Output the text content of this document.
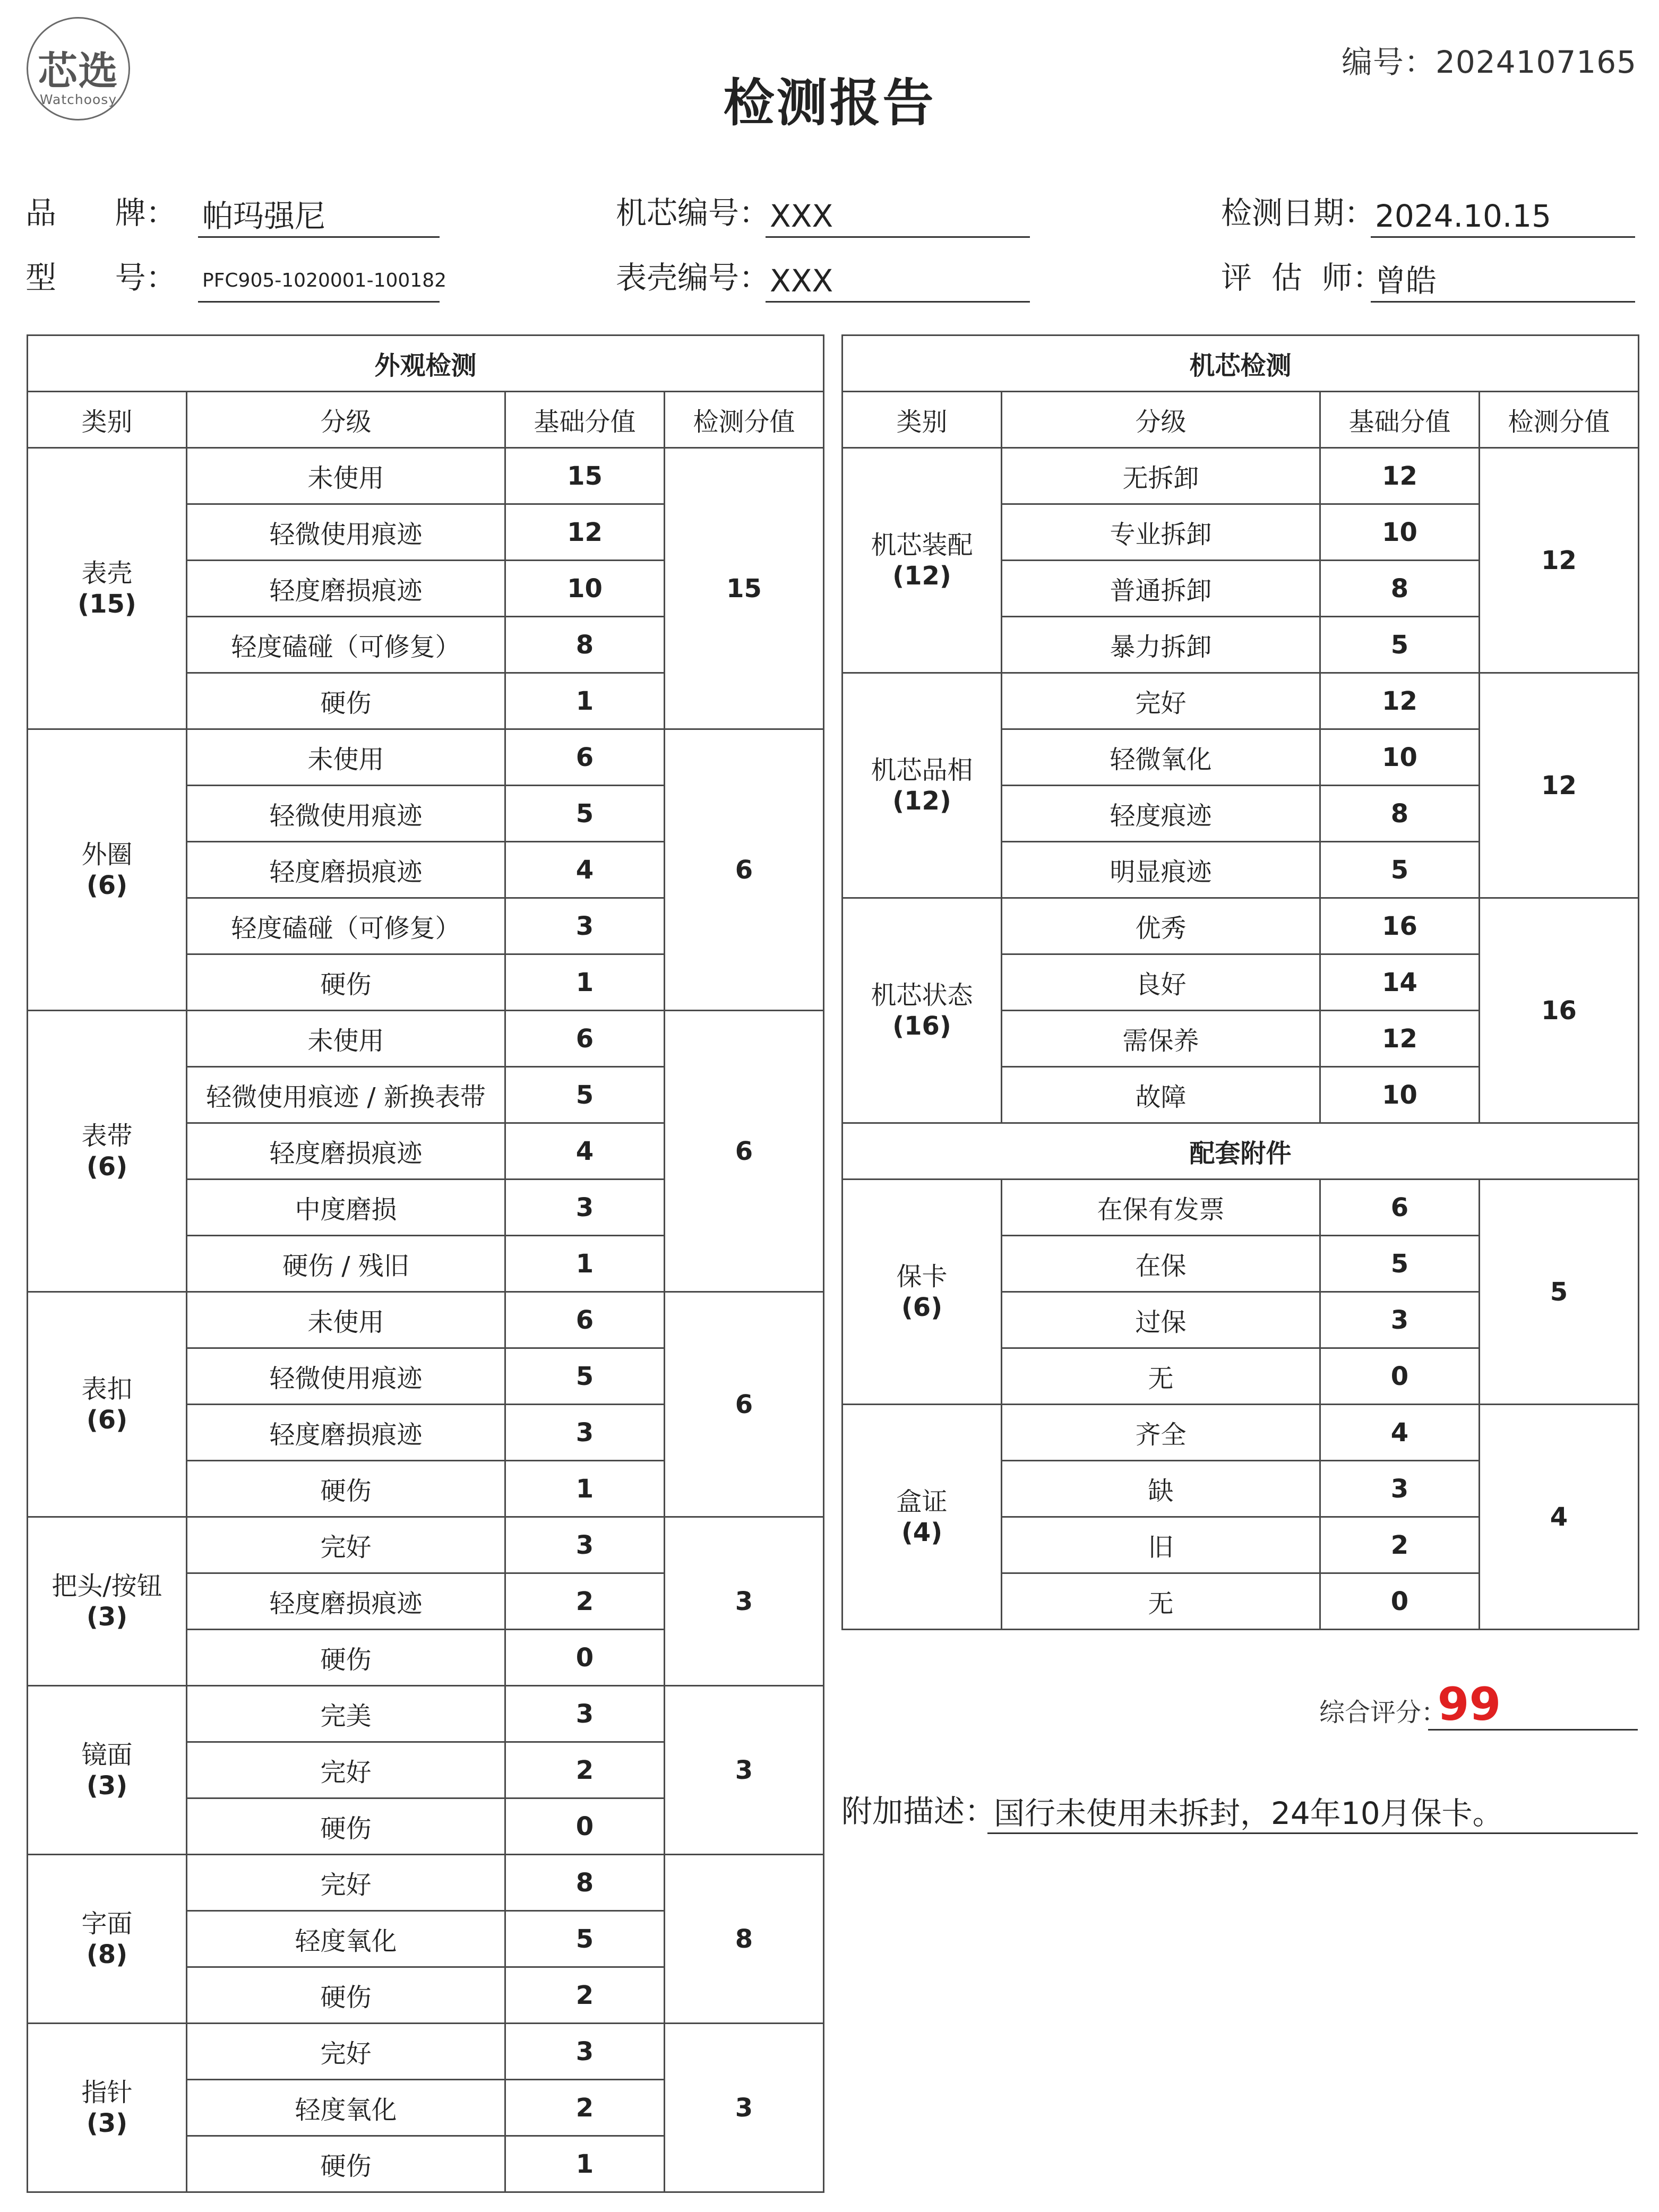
芯选
Watchoosy	检测报告
编号：2024107165
品      牌： 帕玛强尼	机芯编号： XXX	检测日期： 2024.10.15
型      号： PFC905-1020001-100182	表壳编号： XXX	评  估  师：
曾皓
外观检测			
类别	分级	基础分值	检测分值

表壳
(15)	未使用	15	15
	轻微使用痕迹	12	
	轻度磨损痕迹	10	
	轻度磕碰（可修复）	8	
	硬伤	1	

外圈
(6)	未使用	6	6
	轻微使用痕迹	5	
	轻度磨损痕迹	4	
	轻度磕碰（可修复）	3	
	硬伤	1	

表带
(6)	未使用	6	6
	轻微使用痕迹 / 新换表带	5	
	轻度磨损痕迹	4	
	中度磨损	3	
	硬伤 / 残旧	1	

表扣
(6)	未使用	6	6
	轻微使用痕迹	5	
	轻度磨损痕迹	3	
	硬伤	1	

把头/按钮
(3)	完好	3	3
	轻度磨损痕迹	2	
	硬伤	0	

镜面
(3)	完美	3	3
	完好	2	
	硬伤	0	

字面
(8)	完好	8	8
	轻度氧化	5	
	硬伤	2	

指针
(3)	完好	3	3
	轻度氧化	2	
	硬伤	1	
机芯检测			
类别	分级	基础分值	检测分值

机芯装配
(12)	无拆卸	12	12
	专业拆卸	10	
	普通拆卸	8	
	暴力拆卸	5	

机芯品相
(12)	完好	12	12
	轻微氧化	10	
	轻度痕迹	8	
	明显痕迹	5	

机芯状态
(16)	优秀	16	16
	良好	14	
	需保养	12	
	故障	10	
配套附件			

保卡
(6)	在保有发票	6	5
	在保	5	
	过保	3	
	无	0	

盒证
(4)	齐全	4	4
	缺	3	
	旧	2	
	无	0	
综合评分：
99
附加描述：
国行未使用未拆封，24年10月保卡。
